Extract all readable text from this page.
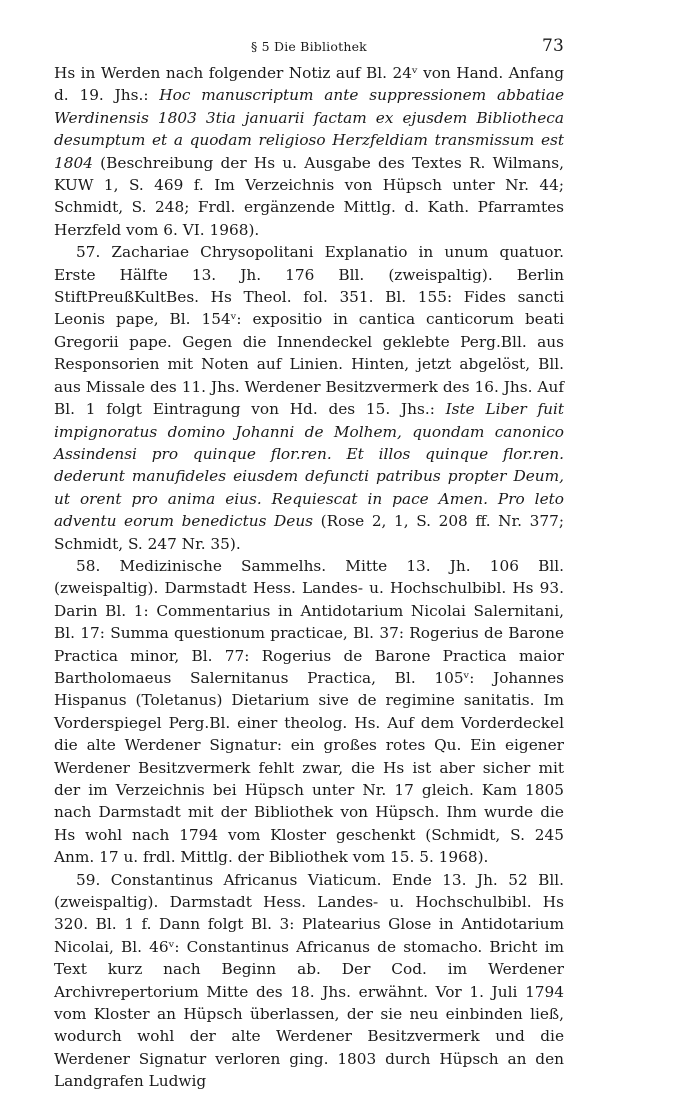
§ 5 Die Bibliothek	73

Hs in Werden nach folgender Notiz auf Bl. 24ᵛ von Hand. Anfang d. 19. Jhs.: Hoc manuscriptum ante suppressionem abbatiae Werdinensis 1803 3tia januarii factam ex ejusdem Bibliotheca desumptum et a quodam religioso Herzfeldiam transmissum est 1804 (Beschreibung der Hs u. Ausgabe des Textes R. Wilmans, KUW 1, S. 469 f. Im Verzeichnis von Hüpsch unter Nr. 44; Schmidt, S. 248; Frdl. ergänzende Mittlg. d. Kath. Pfarramtes Herzfeld vom 6. VI. 1968).

57. Zachariae Chrysopolitani Explanatio in unum quatuor. Erste Hälfte 13. Jh. 176 Bll. (zweispaltig). Berlin StiftPreußKultBes. Hs Theol. fol. 351. Bl. 155: Fides sancti Leonis pape, Bl. 154ᵛ: expositio in cantica canticorum beati Gregorii pape. Gegen die Innendeckel geklebte Perg.Bll. aus Responsorien mit Noten auf Linien. Hinten, jetzt abgelöst, Bll. aus Missale des 11. Jhs. Werdener Besitzvermerk des 16. Jhs. Auf Bl. 1 folgt Eintragung von Hd. des 15. Jhs.: Iste Liber fuit impignoratus domino Johanni de Molhem, quondam canonico Assindensi pro quinque flor.ren. Et illos quinque flor.ren. dederunt manufideles eiusdem defuncti patribus propter Deum, ut orent pro anima eius. Requiescat in pace Amen. Pro leto adventu eorum benedictus Deus (Rose 2, 1, S. 208 ff. Nr. 377; Schmidt, S. 247 Nr. 35).

58. Medizinische Sammelhs. Mitte 13. Jh. 106 Bll. (zweispaltig). Darmstadt Hess. Landes- u. Hochschulbibl. Hs 93. Darin Bl. 1: Commentarius in Antidotarium Nicolai Salernitani, Bl. 17: Summa questionum practicae, Bl. 37: Rogerius de Barone Practica minor, Bl. 77: Rogerius de Barone Practica maior Bartholomaeus Salernitanus Practica, Bl. 105ᵛ: Johannes Hispanus (Toletanus) Dietarium sive de regimine sanitatis. Im Vorderspiegel Perg.Bl. einer theolog. Hs. Auf dem Vorderdeckel die alte Werdener Signatur: ein großes rotes Qu. Ein eigener Werdener Besitzvermerk fehlt zwar, die Hs ist aber sicher mit der im Verzeichnis bei Hüpsch unter Nr. 17 gleich. Kam 1805 nach Darmstadt mit der Bibliothek von Hüpsch. Ihm wurde die Hs wohl nach 1794 vom Kloster geschenkt (Schmidt, S. 245 Anm. 17 u. frdl. Mittlg. der Bibliothek vom 15. 5. 1968).

59. Constantinus Africanus Viaticum. Ende 13. Jh. 52 Bll. (zweispaltig). Darmstadt Hess. Landes- u. Hochschulbibl. Hs 320. Bl. 1 f. Dann folgt Bl. 3: Platearius Glose in Antidotarium Nicolai, Bl. 46ᵛ: Constantinus Africanus de stomacho. Bricht im Text kurz nach Beginn ab. Der Cod. im Werdener Archivrepertorium Mitte des 18. Jhs. erwähnt. Vor 1. Juli 1794 vom Kloster an Hüpsch überlassen, der sie neu einbinden ließ, wodurch wohl der alte Werdener Besitzvermerk und die Werdener Signatur verloren ging. 1803 durch Hüpsch an den Landgrafen Ludwig
